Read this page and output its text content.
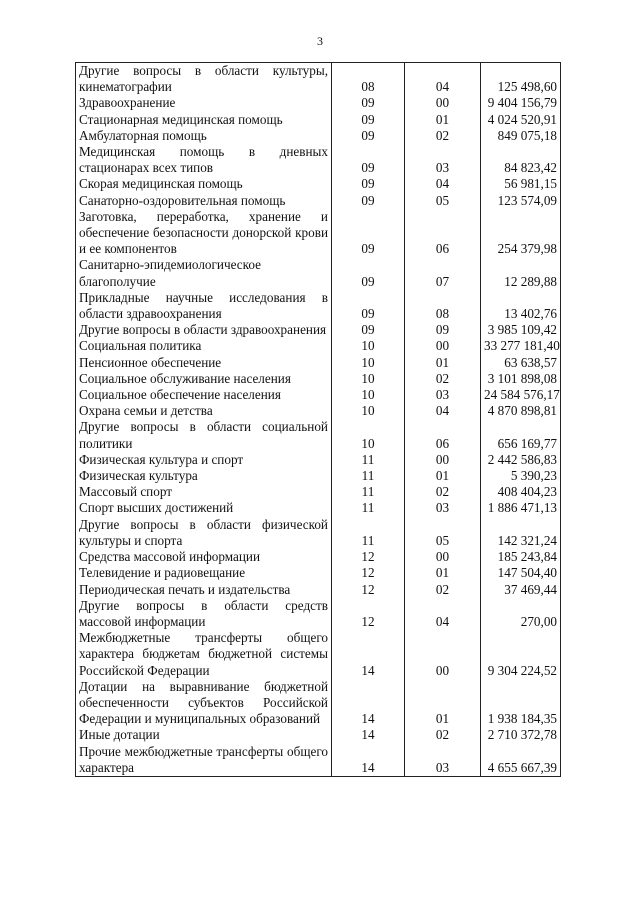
3
Другие вопросы в области культуры, кинематографии	08	04	125 498,60
Здравоохранение	09	00	9 404 156,79
Стационарная медицинская помощь	09	01	4 024 520,91
Амбулаторная помощь	09	02	849 075,18
Медицинская помощь в дневных стационарах всех типов	09	03	84 823,42
Скорая медицинская помощь	09	04	56 981,15
Санаторно-оздоровительная помощь	09	05	123 574,09
Заготовка, переработка, хранение и обеспечение безопасности донорской крови и ее компонентов	09	06	254 379,98
Санитарно-эпидемиологическое благополучие	09	07	12 289,88
Прикладные научные исследования в области здравоохранения	09	08	13 402,76
Другие вопросы в области здравоохранения	09	09	3 985 109,42
Социальная политика	10	00	33 277 181,40
Пенсионное обеспечение	10	01	63 638,57
Социальное обслуживание населения	10	02	3 101 898,08
Социальное обеспечение населения	10	03	24 584 576,17
Охрана семьи и детства	10	04	4 870 898,81
Другие вопросы в области социальной политики	10	06	656 169,77
Физическая культура и спорт	11	00	2 442 586,83
Физическая культура	11	01	5 390,23
Массовый спорт	11	02	408 404,23
Спорт высших достижений	11	03	1 886 471,13
Другие вопросы в области физической культуры и спорта	11	05	142 321,24
Средства массовой информации	12	00	185 243,84
Телевидение и радиовещание	12	01	147 504,40
Периодическая печать и издательства	12	02	37 469,44
Другие вопросы в области средств массовой информации	12	04	270,00
Межбюджетные трансферты общего характера бюджетам бюджетной системы Российской Федерации	14	00	9 304 224,52
Дотации на выравнивание бюджетной обеспеченности субъектов Российской Федерации и муниципальных образований	14	01	1 938 184,35
Иные дотации	14	02	2 710 372,78
Прочие межбюджетные трансферты общего характера	14	03	4 655 667,39
